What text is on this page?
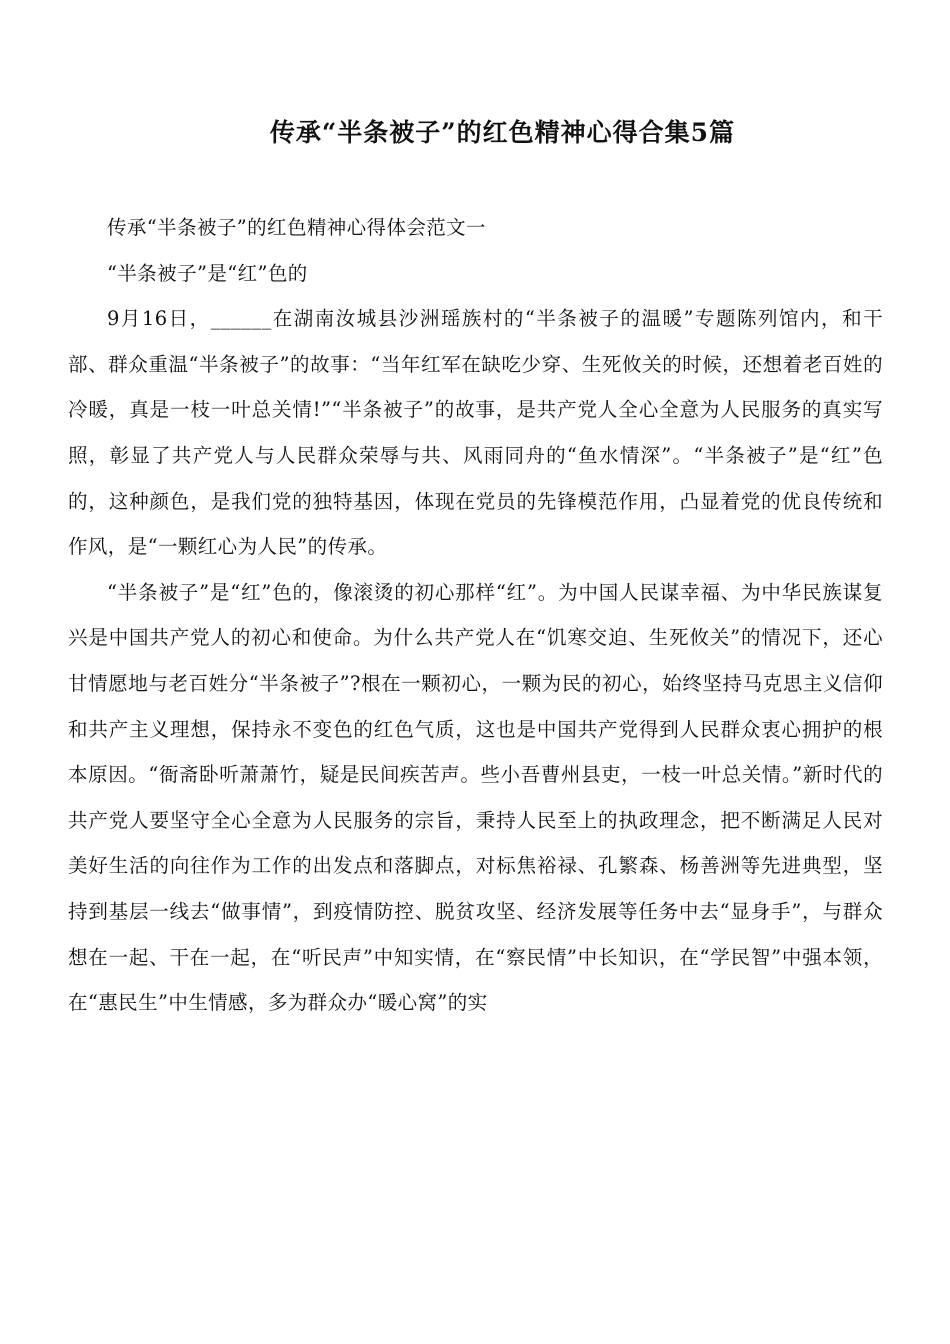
传承“半条被子”的红色精神心得合集5篇

传承“半条被子”的红色精神心得体会范文一

“半条被子”是“红”色的

9月16日，______在湖南汝城县沙洲瑶族村的“半条被子的温暖”专题陈列馆内，和干部、群众重温“半条被子”的故事：“当年红军在缺吃少穿、生死攸关的时候，还想着老百姓的冷暖，真是一枝一叶总关情!”“半条被子”的故事，是共产党人全心全意为人民服务的真实写照，彰显了共产党人与人民群众荣辱与共、风雨同舟的“鱼水情深”。“半条被子”是“红”色的，这种颜色，是我们党的独特基因，体现在党员的先锋模范作用，凸显着党的优良传统和作风，是“一颗红心为人民”的传承。

“半条被子”是“红”色的，像滚烫的初心那样“红”。为中国人民谋幸福、为中华民族谋复兴是中国共产党人的初心和使命。为什么共产党人在“饥寒交迫、生死攸关”的情况下，还心甘情愿地与老百姓分“半条被子”?根在一颗初心，一颗为民的初心，始终坚持马克思主义信仰和共产主义理想，保持永不变色的红色气质，这也是中国共产党得到人民群众衷心拥护的根本原因。“衙斋卧听萧萧竹，疑是民间疾苦声。些小吾曹州县吏，一枝一叶总关情。”新时代的共产党人要坚守全心全意为人民服务的宗旨，秉持人民至上的执政理念，把不断满足人民对美好生活的向往作为工作的出发点和落脚点，对标焦裕禄、孔繁森、杨善洲等先进典型，坚持到基层一线去“做事情”，到疫情防控、脱贫攻坚、经济发展等任务中去“显身手”，与群众想在一起、干在一起，在“听民声”中知实情，在“察民情”中长知识，在“学民智”中强本领，在“惠民生”中生情感，多为群众办“暖心窝”的实
